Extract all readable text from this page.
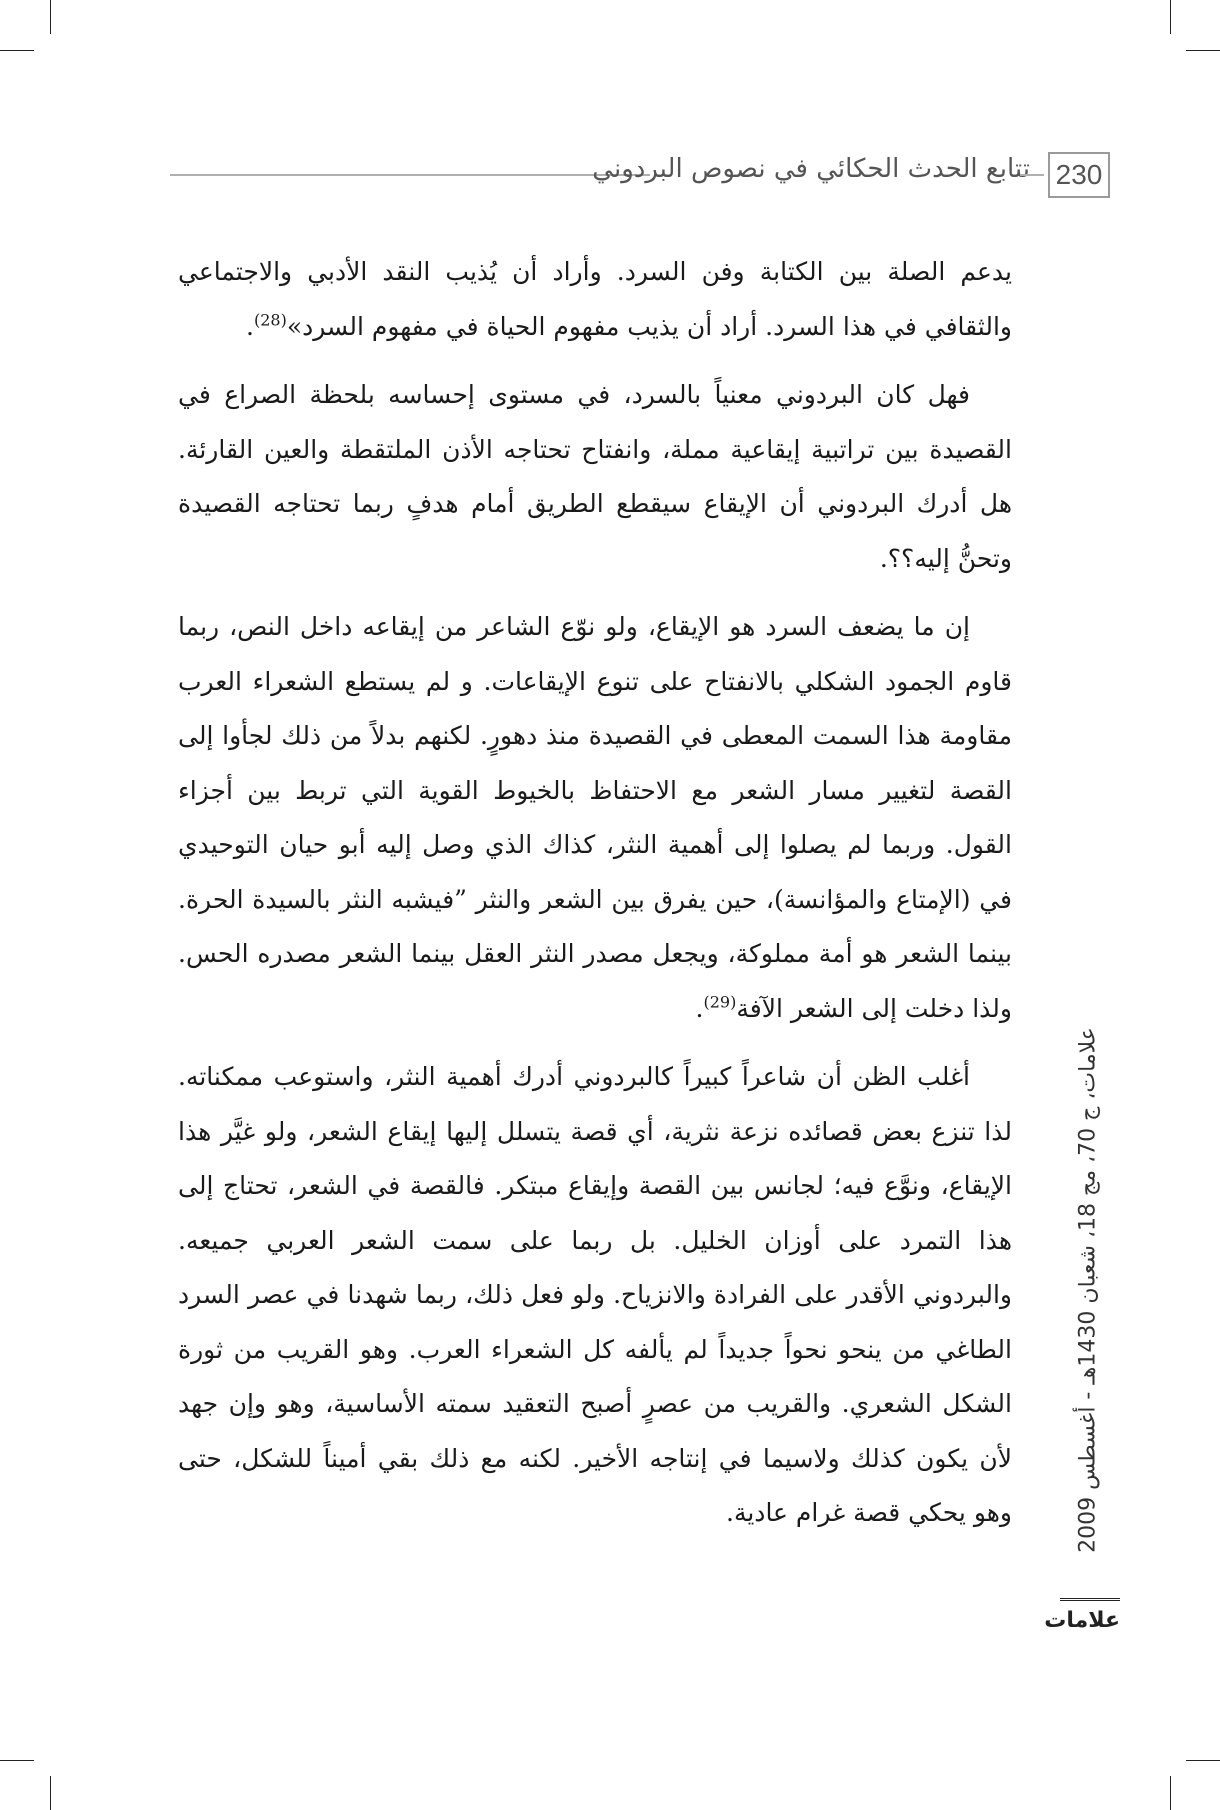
تتابع الحدث الحكائي في نصوص البردوني 230

يدعم الصلة بين الكتابة وفن السرد. وأراد أن يُذيب النقد الأدبي والاجتماعي والثقافي في هذا السرد. أراد أن يذيب مفهوم الحياة في مفهوم السرد»$^{(28)}$.

فهل كان البردوني معنياً بالسرد، في مستوى إحساسه بلحظة الصراع في القصيدة بين تراتبية إيقاعية مملة، وانفتاح تحتاجه الأذن الملتقطة والعين القارئة. هل أدرك البردوني أن الإيقاع سيقطع الطريق أمام هدفٍ ربما تحتاجه القصيدة وتحنُّ إليه؟؟.

إن ما يضعف السرد هو الإيقاع، ولو نوّع الشاعر من إيقاعه داخل النص، ربما قاوم الجمود الشكلي بالانفتاح على تنوع الإيقاعات. و لم يستطع الشعراء العرب مقاومة هذا السمت المعطى في القصيدة منذ دهورٍ. لكنهم بدلاً من ذلك لجأوا إلى القصة لتغيير مسار الشعر مع الاحتفاظ بالخيوط القوية التي تربط بين أجزاء القول. وربما لم يصلوا إلى أهمية النثر، كذاك الذي وصل إليه أبو حيان التوحيدي في (الإمتاع والمؤانسة)، حين يفرق بين الشعر والنثر ”فيشبه النثر بالسيدة الحرة. بينما الشعر هو أمة مملوكة، ويجعل مصدر النثر العقل بينما الشعر مصدره الحس. ولذا دخلت إلى الشعر الآفة$^{(29)}$.

أغلب الظن أن شاعراً كبيراً كالبردوني أدرك أهمية النثر، واستوعب ممكناته. لذا تنزع بعض قصائده نزعة نثرية، أي قصة يتسلل إليها إيقاع الشعر، ولو غيَّر هذا الإيقاع، ونوَّع فيه؛ لجانس بين القصة وإيقاع مبتكر. فالقصة في الشعر، تحتاج إلى هذا التمرد على أوزان الخليل. بل ربما على سمت الشعر العربي جميعه. والبردوني الأقدر على الفرادة والانزياح. ولو فعل ذلك، ربما شهدنا في عصر السرد الطاغي من ينحو نحواً جديداً لم يألفه كل الشعراء العرب. وهو القريب من ثورة الشكل الشعري. والقريب من عصرٍ أصبح التعقيد سمته الأساسية، وهو وإن جهد لأن يكون كذلك ولاسيما في إنتاجه الأخير. لكنه مع ذلك بقي أميناً للشكل، حتى وهو يحكي قصة غرام عادية.	علامات، ج 70، مج 18، شعبان 1430هـ - أغسطس 2009
علامات
